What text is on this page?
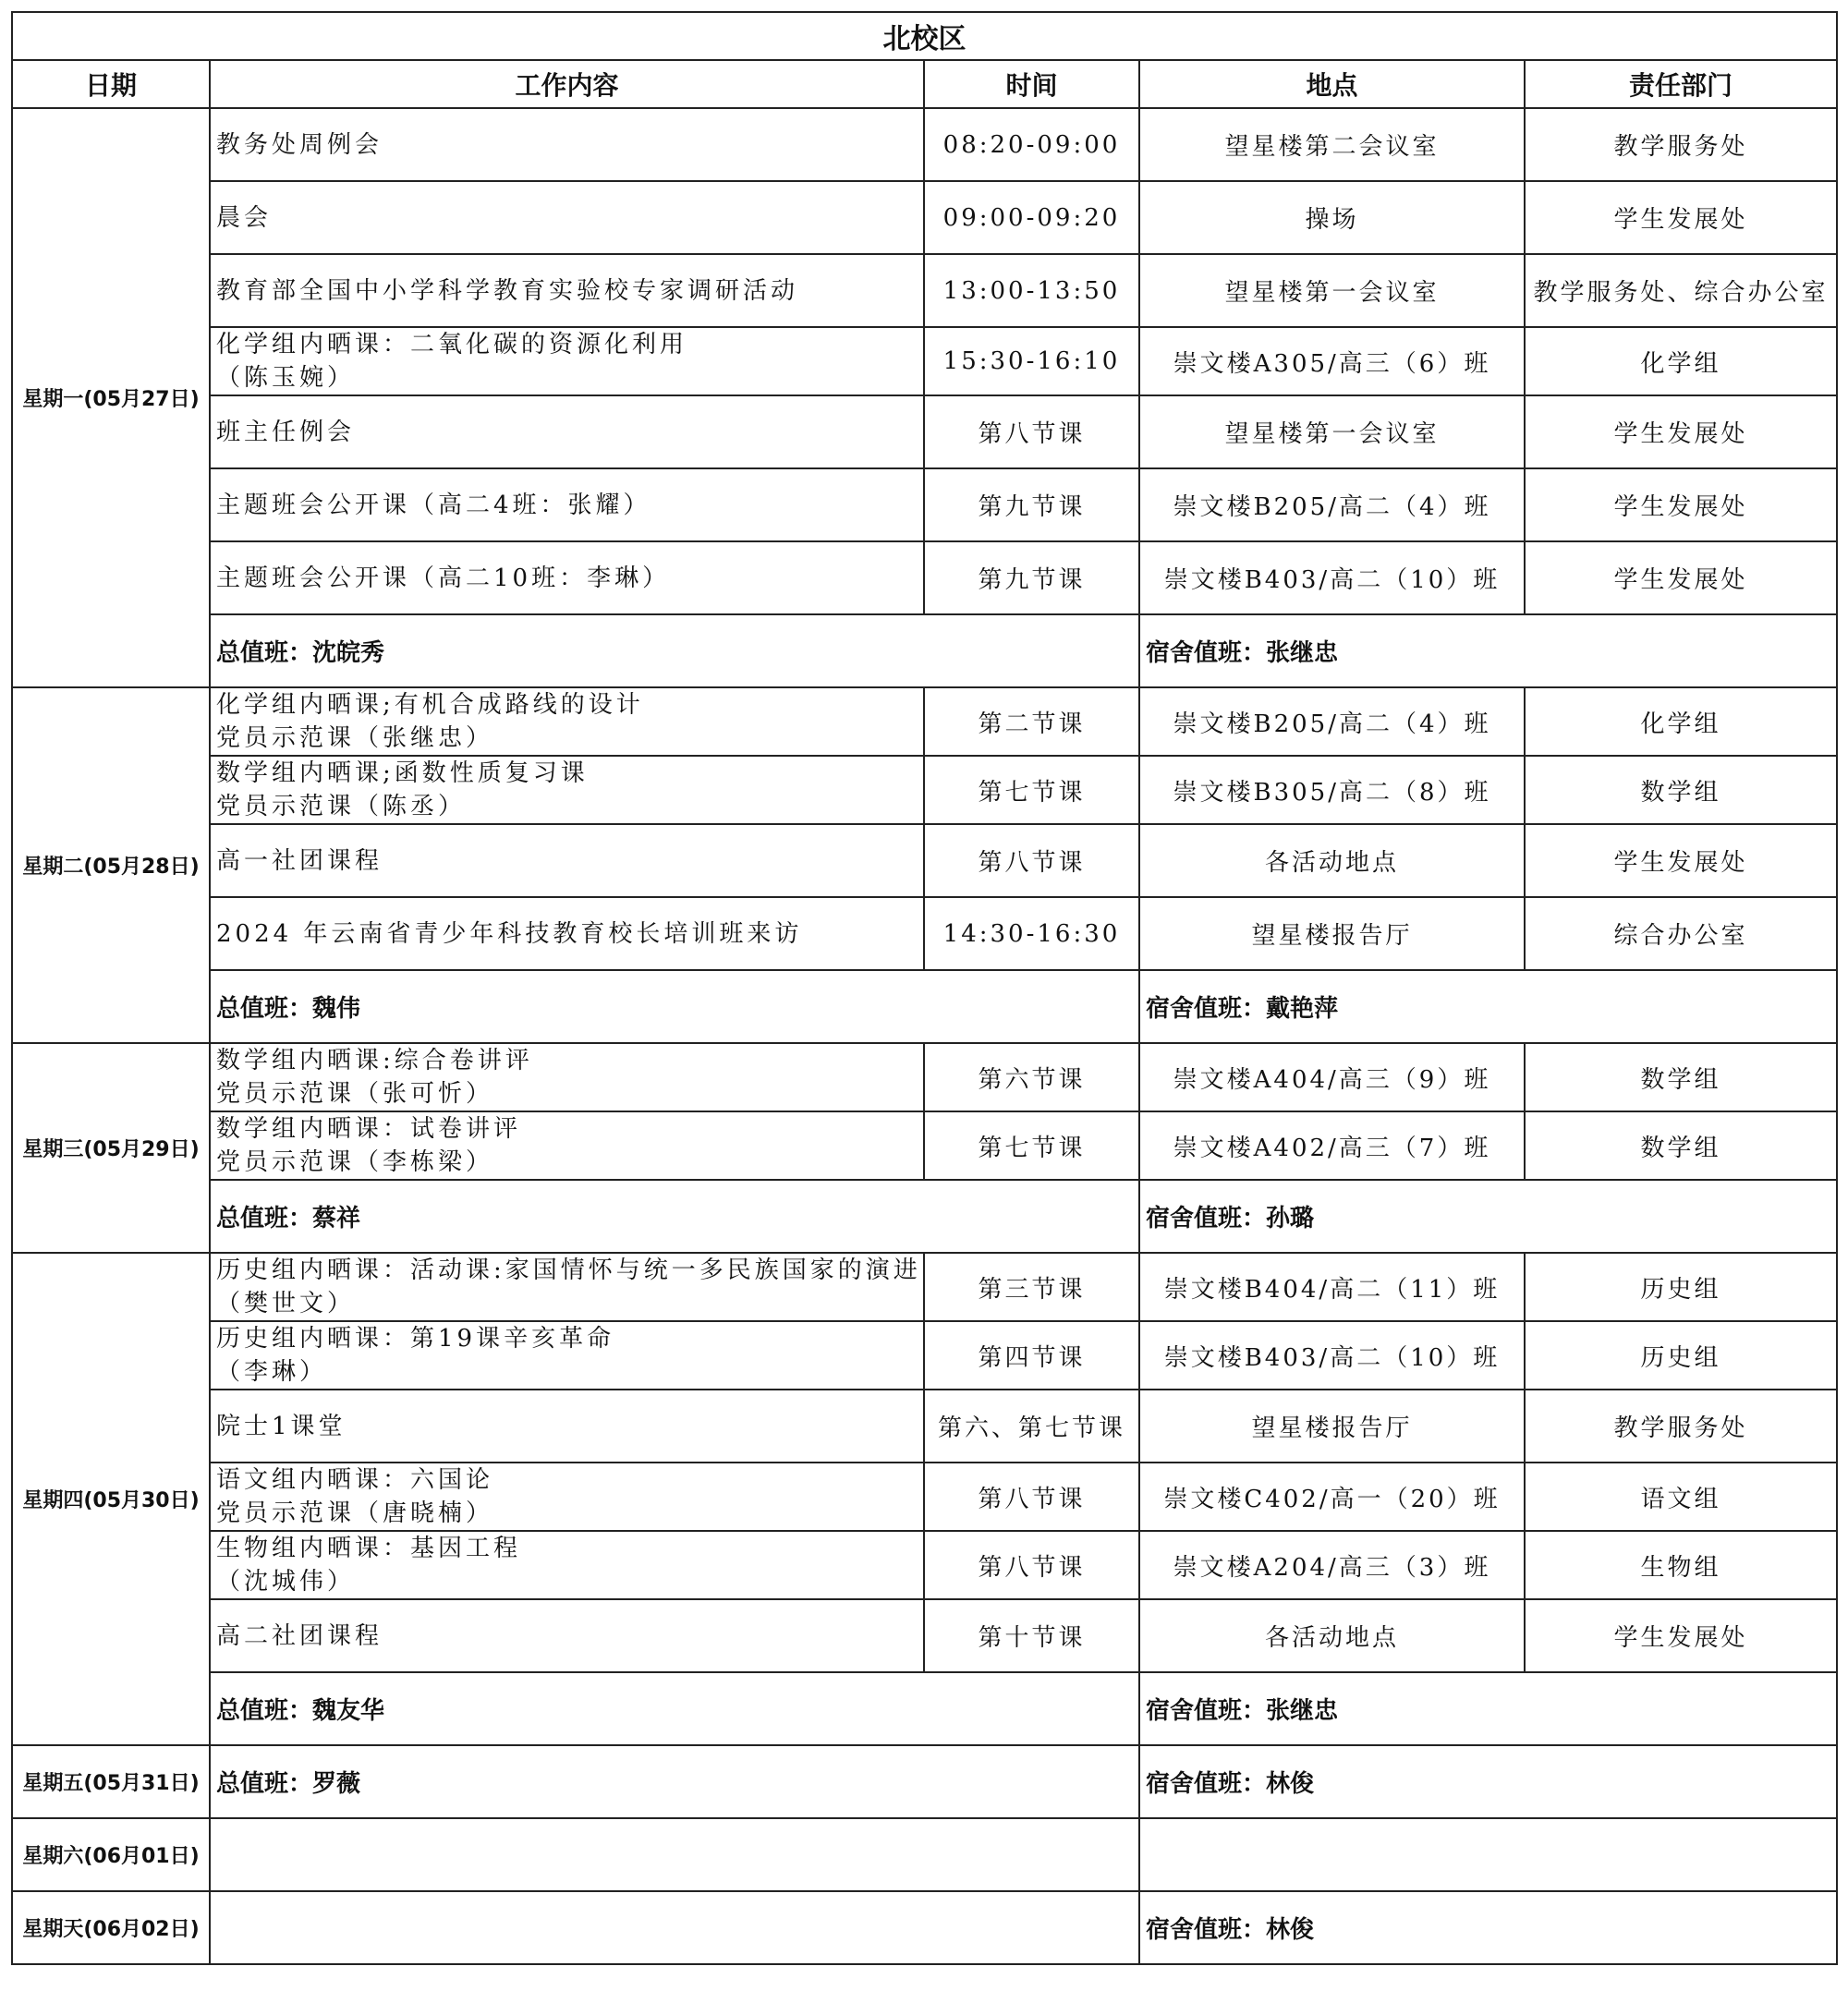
北校区				
日期	工作内容	时间	地点	责任部门
星期一(05月27日)	教务处周例会	08:20-09:00	望星楼第二会议室	教学服务处

	晨会	09:00-09:20	操场	学生发展处

	教育部全国中小学科学教育实验校专家调研活动	13:00-13:50	望星楼第一会议室	教学服务处、综合办公室

	化学组内晒课：二氧化碳的资源化利用
（陈玉婉）	15:30-16:10	崇文楼A305/高三（6）班	化学组

	班主任例会	第八节课	望星楼第一会议室	学生发展处

	主题班会公开课（高二4班：张耀）	第九节课	崇文楼B205/高二（4）班	学生发展处

	主题班会公开课（高二10班：李琳）	第九节课	崇文楼B403/高二（10）班	学生发展处
	总值班：沈皖秀		宿舍值班：张继忠	
星期二(05月28日)	化学组内晒课;有机合成路线的设计
党员示范课（张继忠）	第二节课	崇文楼B205/高二（4）班	化学组

	数学组内晒课;函数性质复习课
党员示范课（陈丞）	第七节课	崇文楼B305/高二（8）班	数学组

	高一社团课程	第八节课	各活动地点	学生发展处

	2024 年云南省青少年科技教育校长培训班来访	14:30-16:30	望星楼报告厅	综合办公室
	总值班：魏伟		宿舍值班：戴艳萍	
星期三(05月29日)	数学组内晒课:综合卷讲评
党员示范课（张可忻）	第六节课	崇文楼A404/高三（9）班	数学组

	数学组内晒课：试卷讲评
党员示范课（李栋梁）	第七节课	崇文楼A402/高三（7）班	数学组
	总值班：蔡祥		宿舍值班：孙璐	
星期四(05月30日)	历史组内晒课：活动课:家国情怀与统一多民族国家的演进
（樊世文）	第三节课	崇文楼B404/高二（11）班	历史组

	历史组内晒课：第19课辛亥革命
（李琳）	第四节课	崇文楼B403/高二（10）班	历史组

	院士1课堂	第六、第七节课	望星楼报告厅	教学服务处

	语文组内晒课：六国论
党员示范课（唐晓楠）	第八节课	崇文楼C402/高一（20）班	语文组

	生物组内晒课：基因工程
（沈城伟）	第八节课	崇文楼A204/高三（3）班	生物组

	高二社团课程	第十节课	各活动地点	学生发展处
	总值班：魏友华		宿舍值班：张继忠	
星期五(05月31日)	总值班：罗薇		宿舍值班：林俊	
星期六(06月01日)				
星期天(06月02日)			宿舍值班：林俊	
